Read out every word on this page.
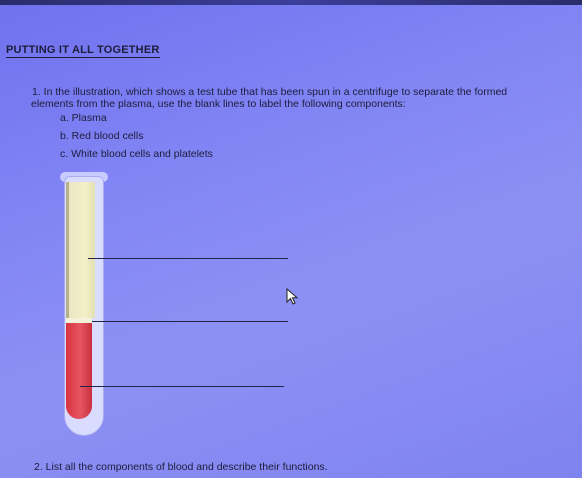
PUTTING IT ALL TOGETHER
1. In the illustration, which shows a test tube that has been spun in a centrifuge to separate the formed
elements from the plasma, use the blank lines to label the following components:
a. Plasma
b. Red blood cells
c. White blood cells and platelets
2. List all the components of blood and describe their functions.
